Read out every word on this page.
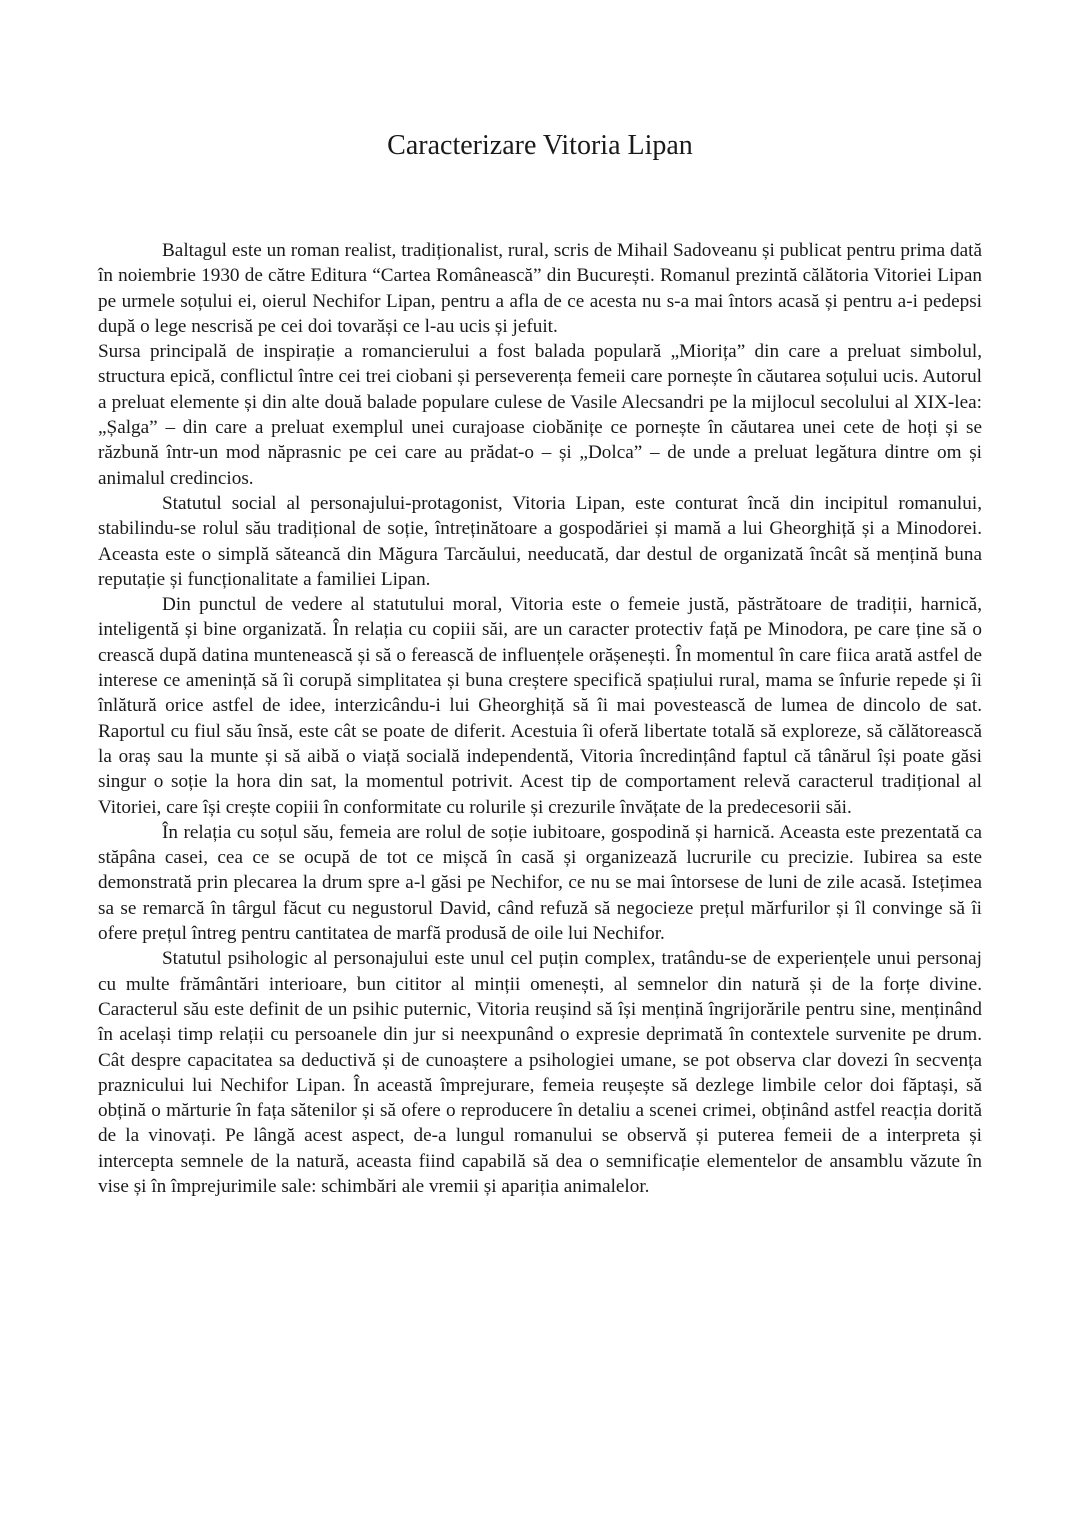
Caracterizare Vitoria Lipan

Baltagul este un roman realist, tradiționalist, rural, scris de Mihail Sadoveanu și publicat pentru prima dată în noiembrie 1930 de către Editura “Cartea Românească” din București. Romanul prezintă călătoria Vitoriei Lipan pe urmele soțului ei, oierul Nechifor Lipan, pentru a afla de ce acesta nu s-a mai întors acasă și pentru a-i pedepsi după o lege nescrisă pe cei doi tovarăși ce l-au ucis și jefuit.

Sursa principală de inspirație a romancierului a fost balada populară „Miorița” din care a preluat simbolul, structura epică, conflictul între cei trei ciobani și perseverența femeii care pornește în căutarea soțului ucis. Autorul a preluat elemente și din alte două balade populare culese de Vasile Alecsandri pe la mijlocul secolului al XIX-lea: „Șalga” – din care a preluat exemplul unei curajoase ciobănițe ce pornește în căutarea unei cete de hoți și se răzbună într-un mod năprasnic pe cei care au prădat-o – și „Dolca” – de unde a preluat legătura dintre om și animalul credincios.

Statutul social al personajului-protagonist, Vitoria Lipan, este conturat încă din incipitul romanului, stabilindu-se rolul său tradițional de soție, întreținătoare a gospodăriei și mamă a lui Gheorghiță și a Minodorei. Aceasta este o simplă săteancă din Măgura Tarcăului, needucată, dar destul de organizată încât să mențină buna reputație și funcționalitate a familiei Lipan.

Din punctul de vedere al statutului moral, Vitoria este o femeie justă, păstrătoare de tradiții, harnică, inteligentă și bine organizată. În relația cu copiii săi, are un caracter protectiv față pe Minodora, pe care ține să o crească după datina muntenească și să o ferească de influențele orășenești. În momentul în care fiica arată astfel de interese ce amenință să îi corupă simplitatea și buna creștere specifică spațiului rural, mama se înfurie repede și îi înlătură orice astfel de idee, interzicându-i lui Gheorghiță să îi mai povestească de lumea de dincolo de sat. Raportul cu fiul său însă, este cât se poate de diferit. Acestuia îi oferă libertate totală să exploreze, să călătorească la oraș sau la munte și să aibă o viață socială independentă, Vitoria încredințând faptul că tânărul își poate găsi singur o soție la hora din sat, la momentul potrivit. Acest tip de comportament relevă caracterul tradițional al Vitoriei, care își crește copiii în conformitate cu rolurile și crezurile învățate de la predecesorii săi.

În relația cu soțul său, femeia are rolul de soție iubitoare, gospodină și harnică. Aceasta este prezentată ca stăpâna casei, cea ce se ocupă de tot ce mișcă în casă și organizează lucrurile cu precizie. Iubirea sa este demonstrată prin plecarea la drum spre a-l găsi pe Nechifor, ce nu se mai întorsese de luni de zile acasă. Istețimea sa se remarcă în târgul făcut cu negustorul David, când refuză să negocieze prețul mărfurilor și îl convinge să îi ofere prețul întreg pentru cantitatea de marfă produsă de oile lui Nechifor.

Statutul psihologic al personajului este unul cel puțin complex, tratându-se de experiențele unui personaj cu multe frământări interioare, bun cititor al minții omenești, al semnelor din natură și de la forțe divine. Caracterul său este definit de un psihic puternic, Vitoria reușind să își mențină îngrijorările pentru sine, menținând în același timp relații cu persoanele din jur si neexpunând o expresie deprimată în contextele survenite pe drum. Cât despre capacitatea sa deductivă și de cunoaștere a psihologiei umane, se pot observa clar dovezi în secvența praznicului lui Nechifor Lipan. În această împrejurare, femeia reușește să dezlege limbile celor doi făptași, să obțină o mărturie în fața sătenilor și să ofere o reproducere în detaliu a scenei crimei, obținând astfel reacția dorită de la vinovați. Pe lângă acest aspect, de-a lungul romanului se observă și puterea femeii de a interpreta și intercepta semnele de la natură, aceasta fiind capabilă să dea o semnificație elementelor de ansamblu văzute în vise și în împrejurimile sale: schimbări ale vremii și apariția animalelor.
